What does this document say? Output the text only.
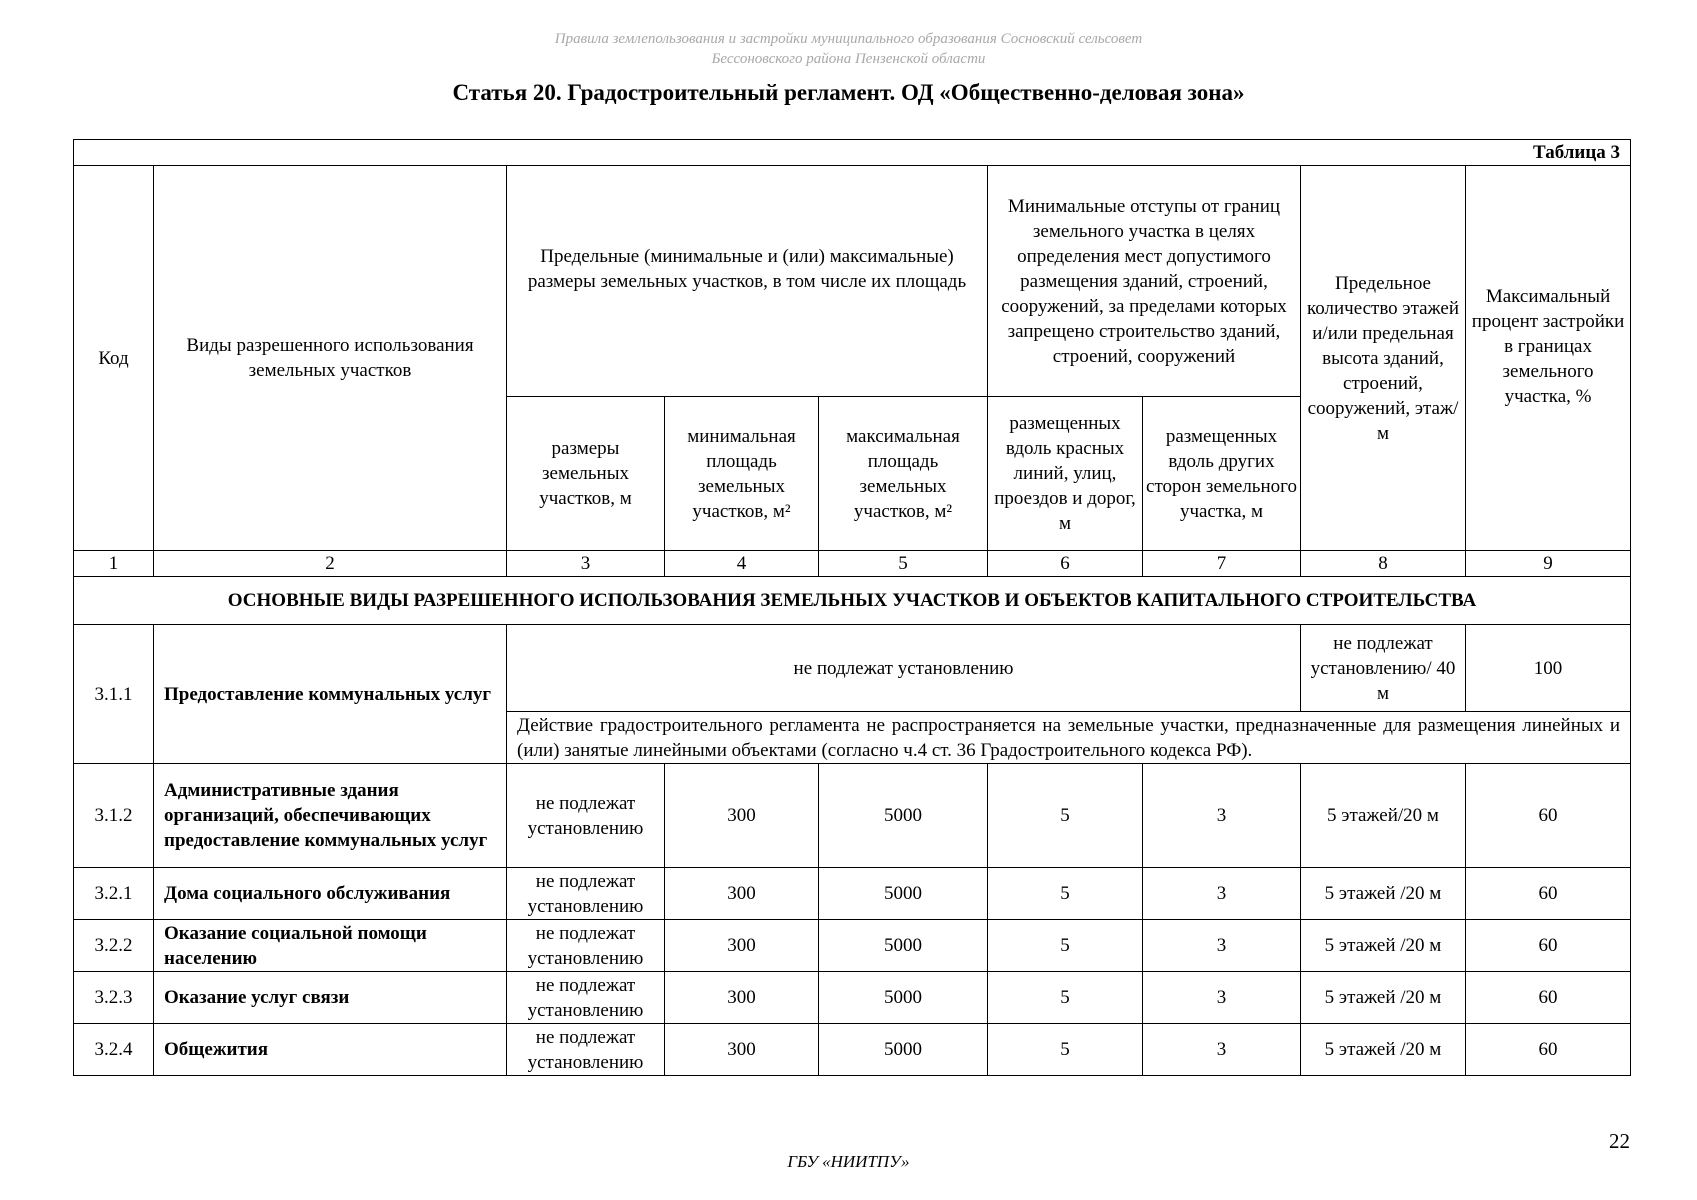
Правила землепользования и застройки муниципального образования Сосновский сельсовет
Бессоновского района Пензенской области
Статья 20. Градостроительный регламент. ОД «Общественно-деловая зона»
Таблица 3								
Код	Виды разрешенного использования земельных участков	Предельные (минимальные и (или) максимальные) размеры земельных участков, в том числе их площадь			Минимальные отступы от границ земельного участка в целях определения мест допустимого размещения зданий, строений, сооружений, за пределами которых запрещено строительство зданий, строений, сооружений		Предельное количество этажей и/или предельная высота зданий, строений, сооружений, этаж/м	Максимальный процент застройки в границах земельного участка, %
		размеры земельных участков, м	минимальная площадь земельных участков, м²	максимальная площадь земельных участков, м²	размещенных вдоль красных линий, улиц, проездов и дорог, м	размещенных вдоль других сторон земельного участка, м		
1	2	3	4	5	6	7	8	9
ОСНОВНЫЕ ВИДЫ РАЗРЕШЕННОГО ИСПОЛЬЗОВАНИЯ ЗЕМЕЛЬНЫХ УЧАСТКОВ И ОБЪЕКТОВ КАПИТАЛЬНОГО СТРОИТЕЛЬСТВА								
3.1.1	Предоставление коммунальных услуг	не подлежат установлению					не подлежат установлению/ 40 м	100
		Действие градостроительного регламента не распространяется на земельные участки, предназначенные для размещения линейных и (или) занятые линейными объектами (согласно ч.4 ст. 36 Градостроительного кодекса РФ).						
3.1.2	Административные здания организаций, обеспечивающих предоставление коммунальных услуг	не подлежат установлению	300	5000	5	3	5 этажей/20 м	60
3.2.1	Дома социального обслуживания	не подлежат установлению	300	5000	5	3	5 этажей /20 м	60
3.2.2	Оказание социальной помощи населению	не подлежат установлению	300	5000	5	3	5 этажей /20 м	60
3.2.3	Оказание услуг связи	не подлежат установлению	300	5000	5	3	5 этажей /20 м	60
3.2.4	Общежития	не подлежат установлению	300	5000	5	3	5 этажей /20 м	60
22
ГБУ «НИИТПУ»
